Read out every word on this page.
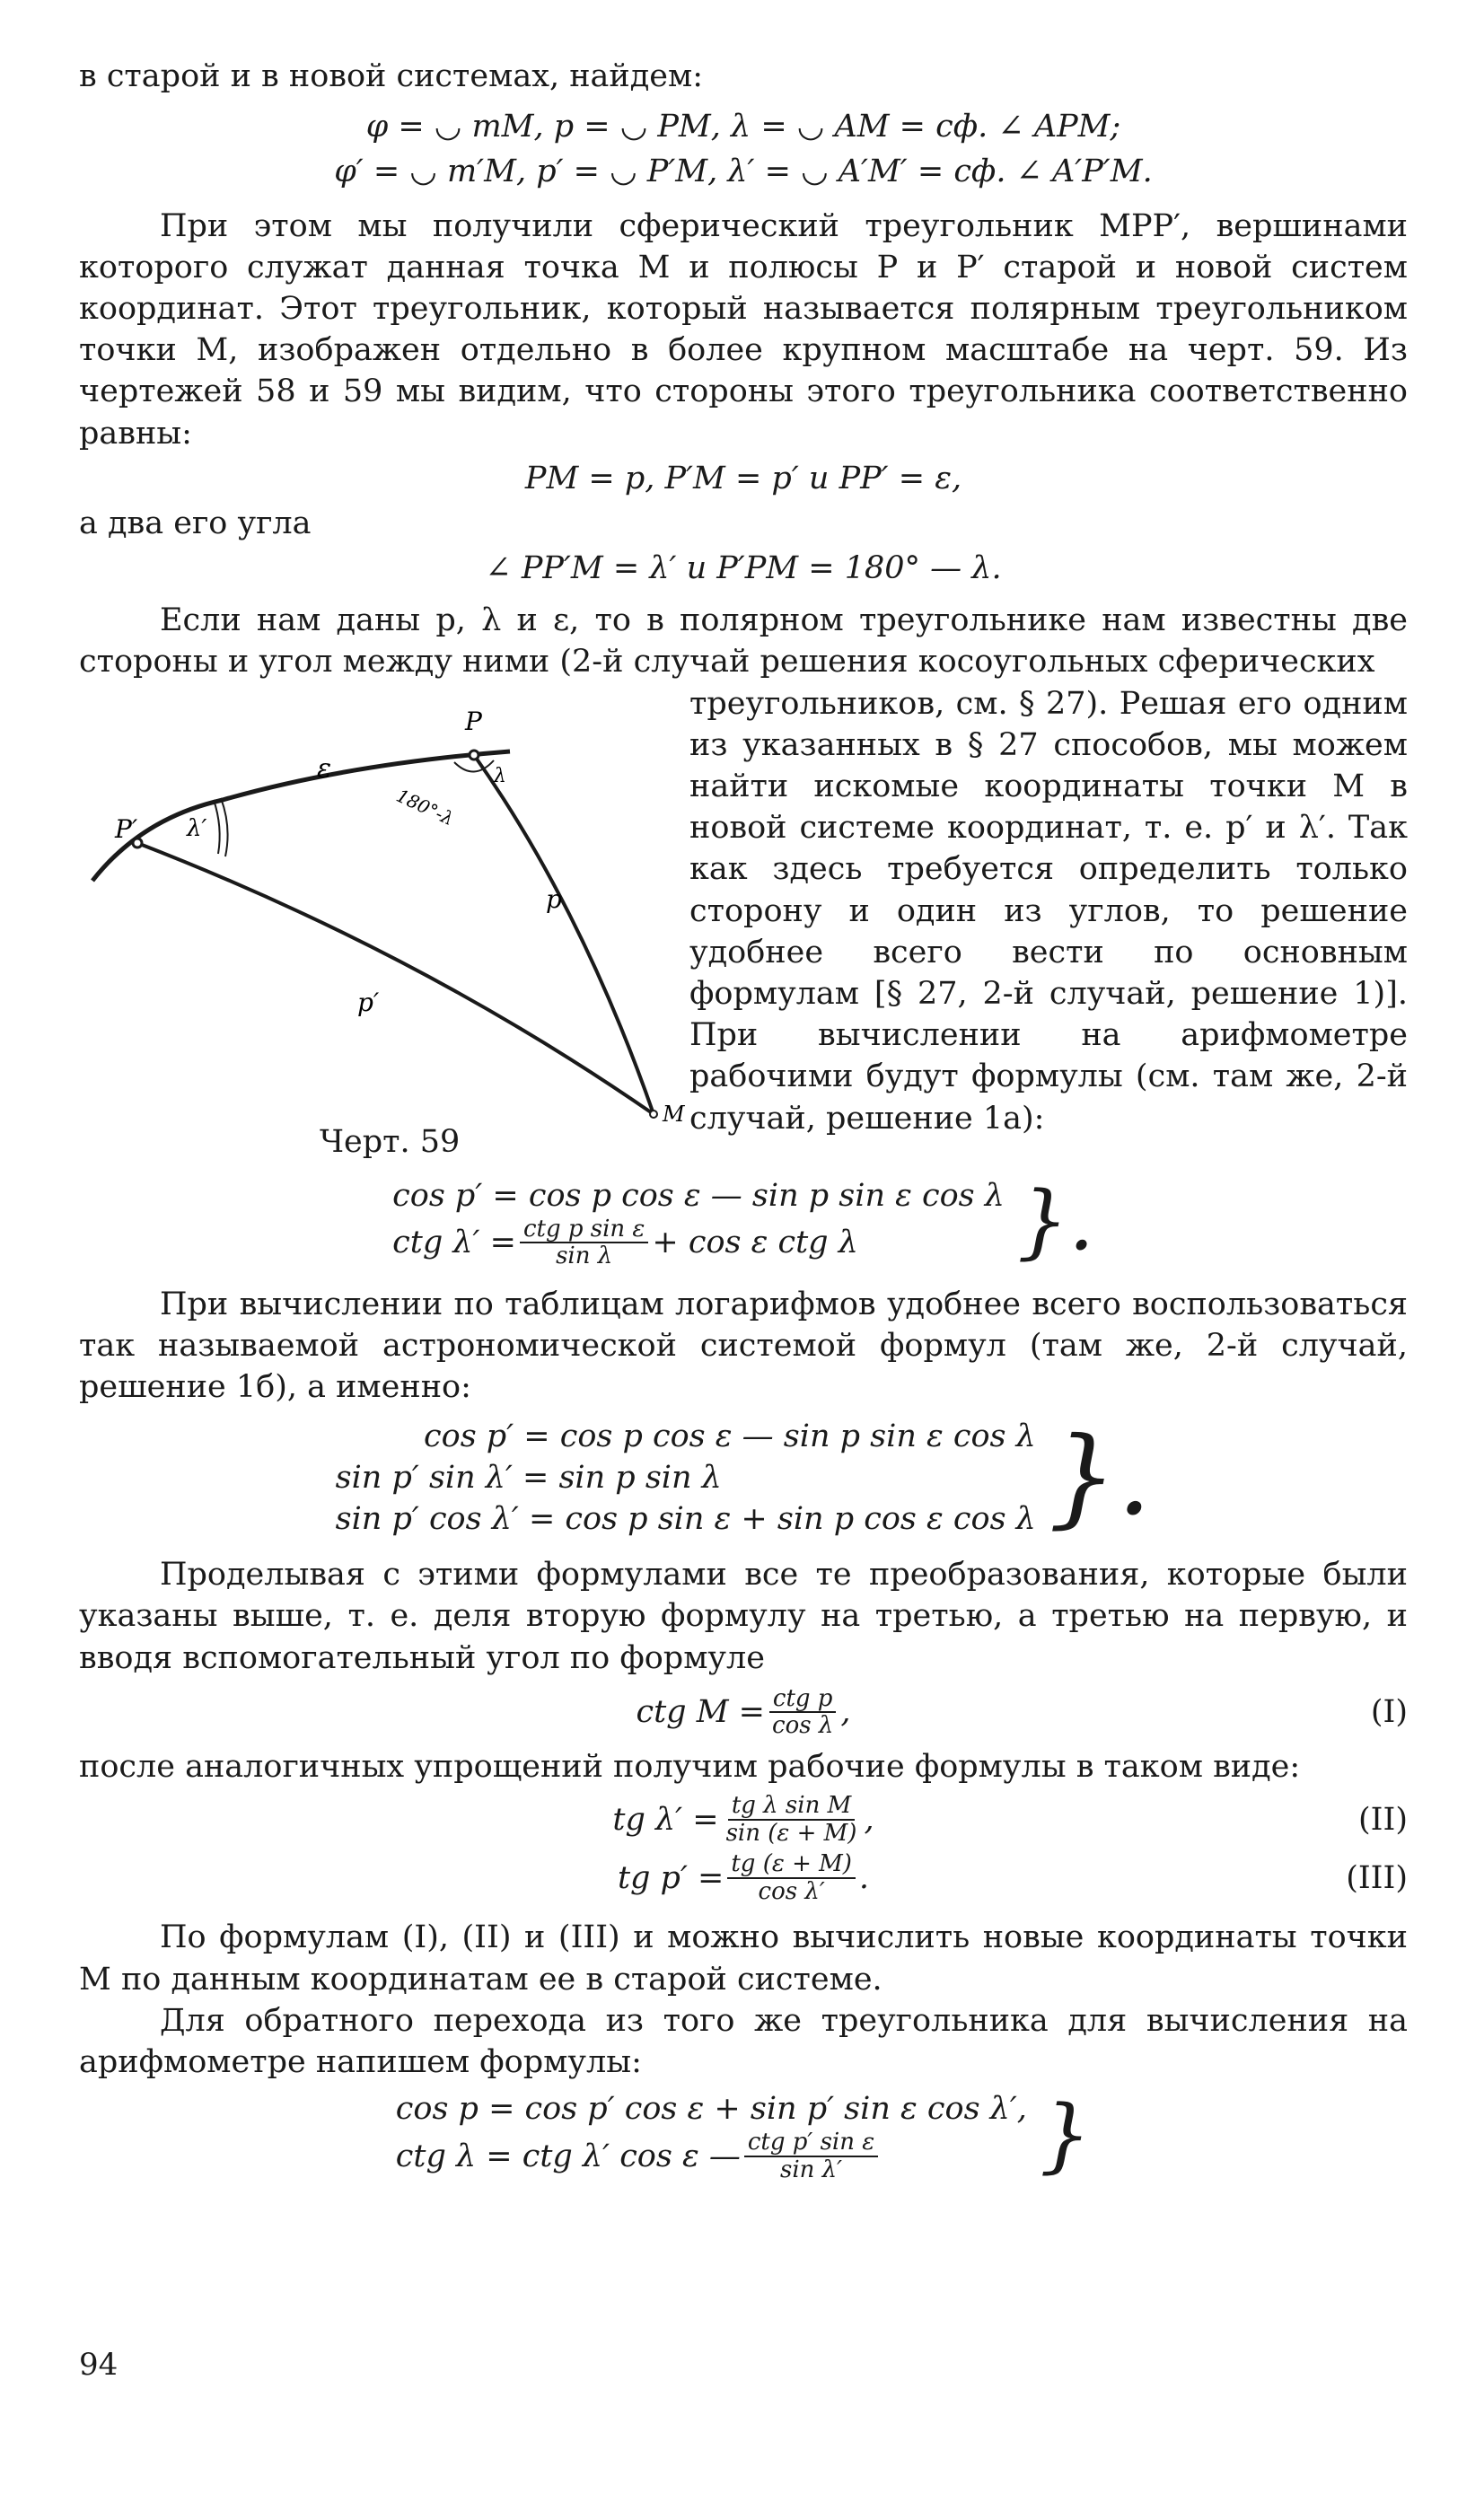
в старой и в новой системах, найдем:

φ = ◡ mM, p = ◡ PM, λ = ◡ AM = сф. ∠ APM;
φ′ = ◡ m′M, p′ = ◡ P′M, λ′ = ◡ A′M′ = сф. ∠ A′P′M.

При этом мы получили сферический треугольник MPP′, вершинами которого служат данная точка M и полюсы P и P′ старой и новой систем координат. Этот треугольник, который называется полярным треугольником точки M, изображен отдельно в более крупном масштабе на черт. 59. Из чертежей 58 и 59 мы видим, что стороны этого треугольника соответственно равны:

PM = p, P′M = p′ и PP′ = ε,

а два его угла

∠ PP′M = λ′ и P′PM = 180° — λ.

Если нам даны p, λ и ε, то в полярном треугольнике нам известны две стороны и угол между ними (2-й случай решения косоугольных сферических

P
P′
M
ε
p
p′
λ′
λ
180°-λ

треугольников, см. § 27). Решая его одним из указанных в § 27 способов, мы можем найти искомые координаты точки M в новой системе координат, т. е. p′ и λ′. Так как здесь требуется определить только сторону и один из углов, то решение удобнее всего вести по основным формулам [§ 27, 2-й случай, решение 1)]. При вычислении на арифмометре рабочими будут формулы (см. там же, 2-й случай, решение 1а):

Черт. 59
cos p′ = cos p cos ε — sin p sin ε cos λ
ctg $\lambda' = \frac{\text{ctg p sin ε}}{\text{sin λ}} + \cos \varepsilon$ ctg λ }.

При вычислении по таблицам логарифмов удобнее всего воспользоваться так называемой астрономической системой формул (там же, 2-й случай, решение 1б), а именно:

cos p′ = cos p cos ε — sin p sin ε cos λ
sin p′ sin λ′ = sin p sin λ
sin p′ cos λ′ = cos p sin ε + sin p cos ε cos λ }.

Проделывая с этими формулами все те преобразования, которые были указаны выше, т. е. деля вторую формулу на третью, а третью на первую, и вводя вспомогательный угол по формуле

ctg $M = \frac{\text{ctg p}}{\text{cos λ}}$ ,	(I)

после аналогичных упрощений получим рабочие формулы в таком виде:

tg $\lambda' = \frac{\text{tg λ sin M}}{\sin (\varepsilon + M)}$ ,	(II)
tg $p' = \frac{tg (\varepsilon + M)}{\text{cos λ′}}$ .	(III)

По формулам (I), (II) и (III) и можно вычислить новые координаты точки M по данным координатам ее в старой системе.

Для обратного перехода из того же треугольника для вычисления на арифмометре напишем формулы:

cos p = cos p′ cos ε + sin p′ sin ε cos λ′,
ctg λ = ctg λ′ cos ε — $\frac{\text{ctg p′ sin ε}}{\text{sin λ′}}$ }
94
